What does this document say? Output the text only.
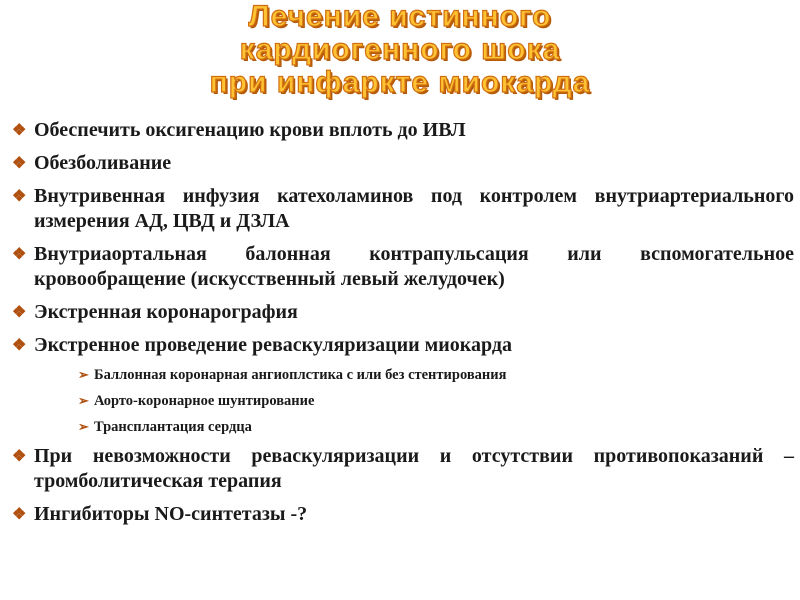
Лечение истинного
кардиогенного шока
при инфаркте миокарда
❖ Обеспечить оксигенацию крови вплоть до ИВЛ
❖ Обезболивание
❖ Внутривенная инфузия катехоламинов под контролем внутриартериального измерения АД, ЦВД и ДЗЛА
❖ Внутриаортальная балонная контрапульсация или вспомогательное кровообращение (искусственный левый желудочек)
❖ Экстренная коронарография
❖ Экстренное проведение реваскуляризации миокарда
➢ Баллонная коронарная ангиоплстика с или без стентирования
➢ Аорто-коронарное шунтирование
➢ Трансплантация сердца
❖ При невозможности реваскуляризации и отсутствии противопоказаний – тромболитическая терапия
❖ Ингибиторы NO-синтетазы -?
